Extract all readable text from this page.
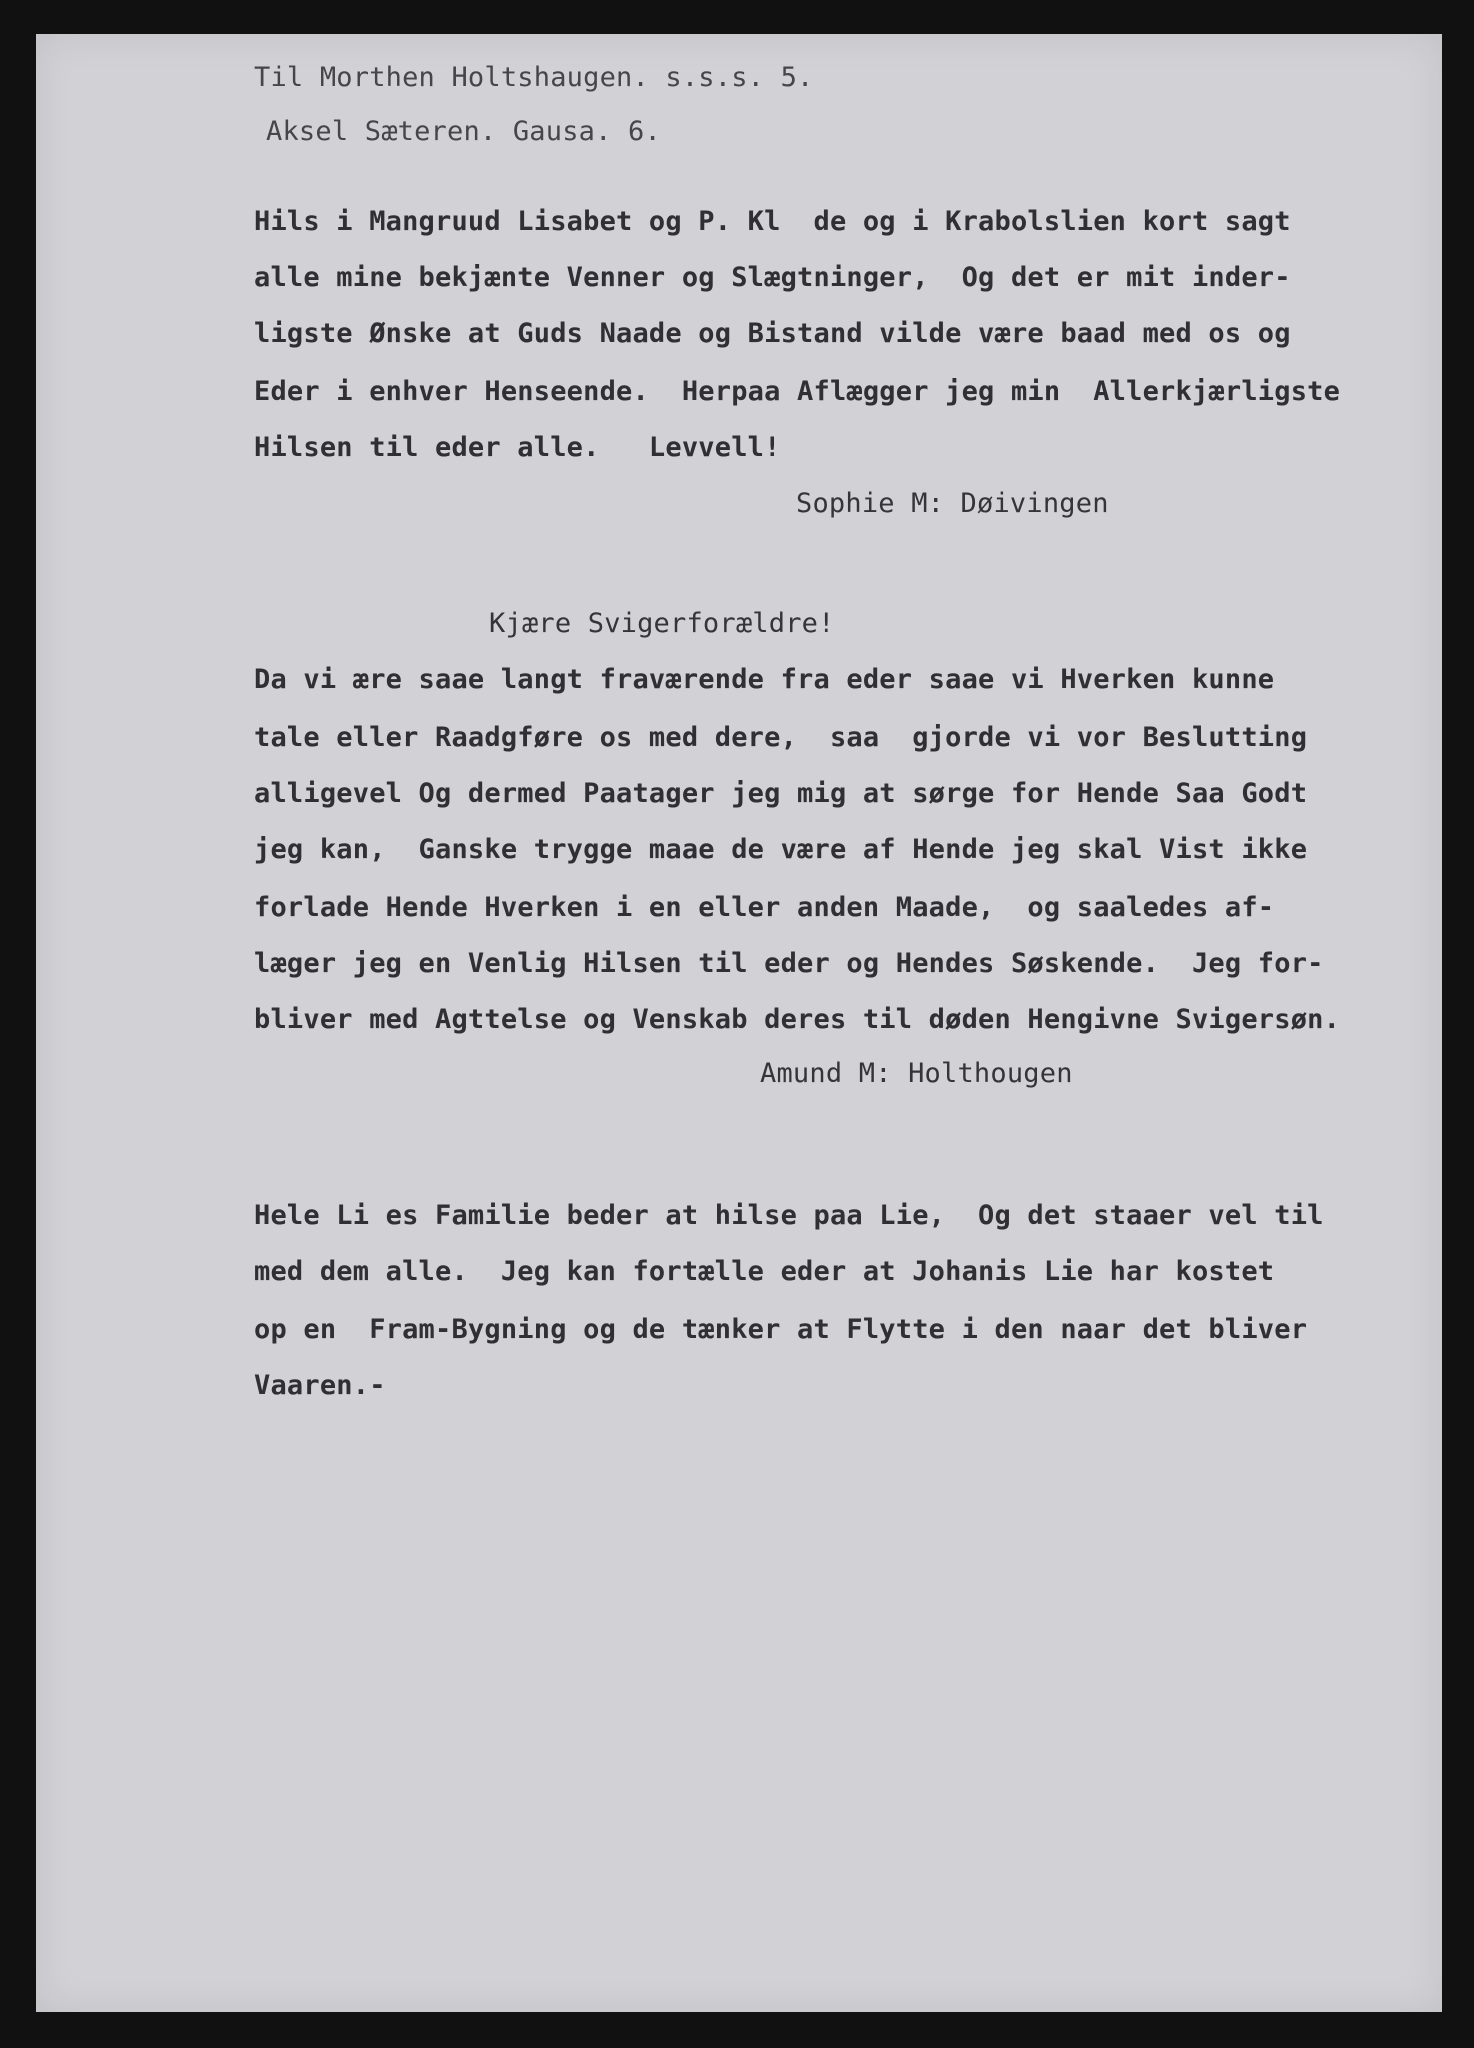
Til Morthen Holtshaugen. s.s.s. 5.

Aksel Sæteren. Gausa. 6.

Hils i Mangruud Lisabet og P. Kl  de og i Krabolslien kort sagt

alle mine bekjænte Venner og Slægtninger,  Og det er mit inder-

ligste Ønske at Guds Naade og Bistand vilde være baad med os og

Eder i enhver Henseende.  Herpaa Aflægger jeg min  Allerkjærligste

Hilsen til eder alle.   Levvell!

Sophie M: Døivingen

Kjære Svigerforældre!

Da vi ære saae langt fraværende fra eder saae vi Hverken kunne

tale eller Raadgføre os med dere,  saa  gjorde vi vor Beslutting

alligevel Og dermed Paatager jeg mig at sørge for Hende Saa Godt

jeg kan,  Ganske trygge maae de være af Hende jeg skal Vist ikke

forlade Hende Hverken i en eller anden Maade,  og saaledes af-

læger jeg en Venlig Hilsen til eder og Hendes Søskende.  Jeg for-

bliver med Agttelse og Venskab deres til døden Hengivne Svigersøn.

Amund M: Holthougen

Hele Li es Familie beder at hilse paa Lie,  Og det staaer vel til

med dem alle.  Jeg kan fortælle eder at Johanis Lie har kostet

op en  Fram-Bygning og de tænker at Flytte i den naar det bliver

Vaaren.-
